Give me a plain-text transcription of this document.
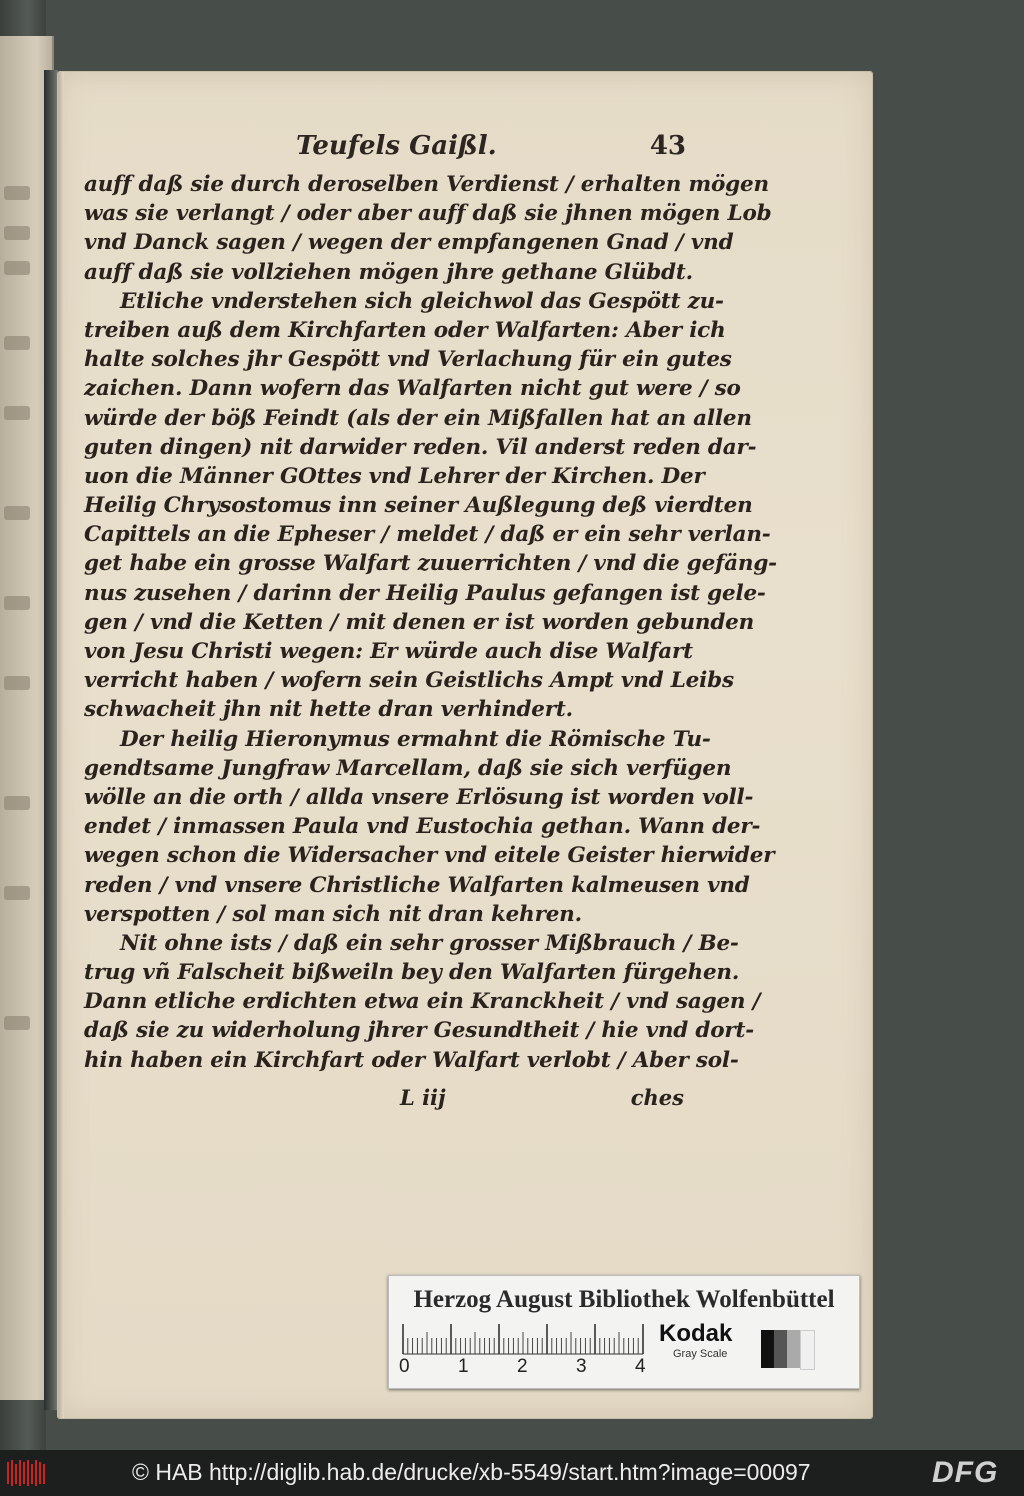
Teufels Gaißl.	43
auff daß sie durch deroselben Verdienst / erhalten mögen
was sie verlangt / oder aber auff daß sie jhnen mögen Lob
vnd Danck sagen / wegen der empfangenen Gnad / vnd
auff daß sie vollziehen mögen jhre gethane Glübdt.
Etliche vnderstehen sich gleichwol das Gespött zu-
treiben auß dem Kirchfarten oder Walfarten: Aber ich
halte solches jhr Gespött vnd Verlachung für ein gutes
zaichen. Dann wofern das Walfarten nicht gut were / so
würde der böß Feindt (als der ein Mißfallen hat an allen
guten dingen) nit darwider reden. Vil anderst reden dar-
uon die Männer GOttes vnd Lehrer der Kirchen. Der
Heilig Chrysostomus inn seiner Außlegung deß vierdten
Capittels an die Epheser / meldet / daß er ein sehr verlan-
get habe ein grosse Walfart zuuerrichten / vnd die gefäng-
nus zusehen / darinn der Heilig Paulus gefangen ist gele-
gen / vnd die Ketten / mit denen er ist worden gebunden
von Jesu Christi wegen: Er würde auch dise Walfart
verricht haben / wofern sein Geistlichs Ampt vnd Leibs
schwacheit jhn nit hette dran verhindert.
Der heilig Hieronymus ermahnt die Römische Tu-
gendtsame Jungfraw Marcellam, daß sie sich verfügen
wölle an die orth / allda vnsere Erlösung ist worden voll-
endet / inmassen Paula vnd Eustochia gethan. Wann der-
wegen schon die Widersacher vnd eitele Geister hierwider
reden / vnd vnsere Christliche Walfarten kalmeusen vnd
verspotten / sol man sich nit dran kehren.
Nit ohne ists / daß ein sehr grosser Mißbrauch / Be-
trug vñ Falscheit bißweiln bey den Walfarten fürgehen.
Dann etliche erdichten etwa ein Kranckheit / vnd sagen /
daß sie zu widerholung jhrer Gesundtheit / hie vnd dort-
hin haben ein Kirchfart oder Walfart verlobt / Aber sol-
L iij	ches
Herzog August Bibliothek Wolfenbüttel
0	1	2	3	4
Kodak
Gray Scale
© HAB http://diglib.hab.de/drucke/xb-5549/start.htm?image=00097	DFG
